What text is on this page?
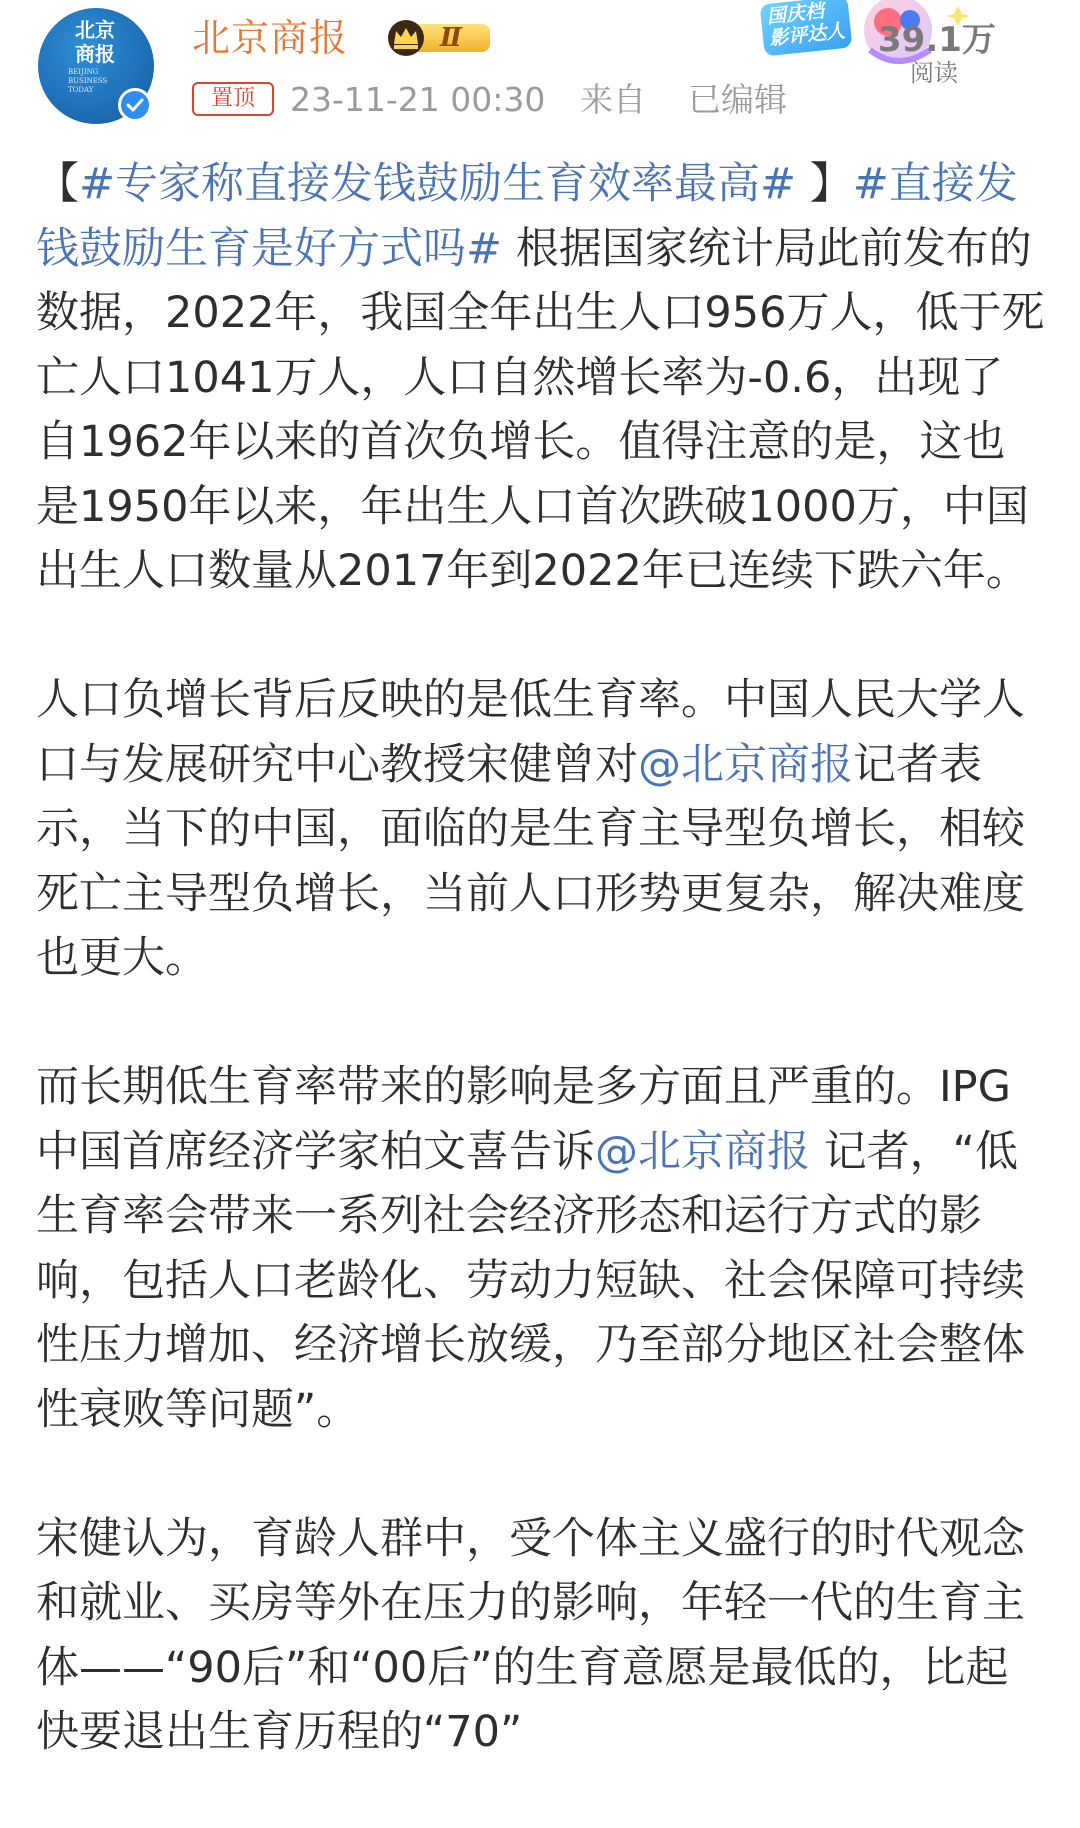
北京
商报
BEIJING BUSINESS TODAY
北京商报	Ⅱ
置顶	23-11-21 00:30 来自 已编辑
国庆档 影评达人 39.1万
阅读

【#专家称直接发钱鼓励生育效率最高# 】#直接发钱鼓励生育是好方式吗# 根据国家统计局此前发布的数据，2022年，我国全年出生人口956万人，低于死亡人口1041万人，人口自然增长率为-0.6，出现了自1962年以来的首次负增长。值得注意的是，这也是1950年以来，年出生人口首次跌破1000万，中国出生人口数量从2017年到2022年已连续下跌六年。

人口负增长背后反映的是低生育率。中国人民大学人口与发展研究中心教授宋健曾对@北京商报记者表示，当下的中国，面临的是生育主导型负增长，相较死亡主导型负增长，当前人口形势更复杂，解决难度也更大。

而长期低生育率带来的影响是多方面且严重的。IPG中国首席经济学家柏文喜告诉@北京商报 记者，“低生育率会带来一系列社会经济形态和运行方式的影响，包括人口老龄化、劳动力短缺、社会保障可持续性压力增加、经济增长放缓，乃至部分地区社会整体性衰败等问题”。

宋健认为，育龄人群中，受个体主义盛行的时代观念和就业、买房等外在压力的影响，年轻一代的生育主体——“90后”和“00后”的生育意愿是最低的，比起快要退出生育历程的“70”
